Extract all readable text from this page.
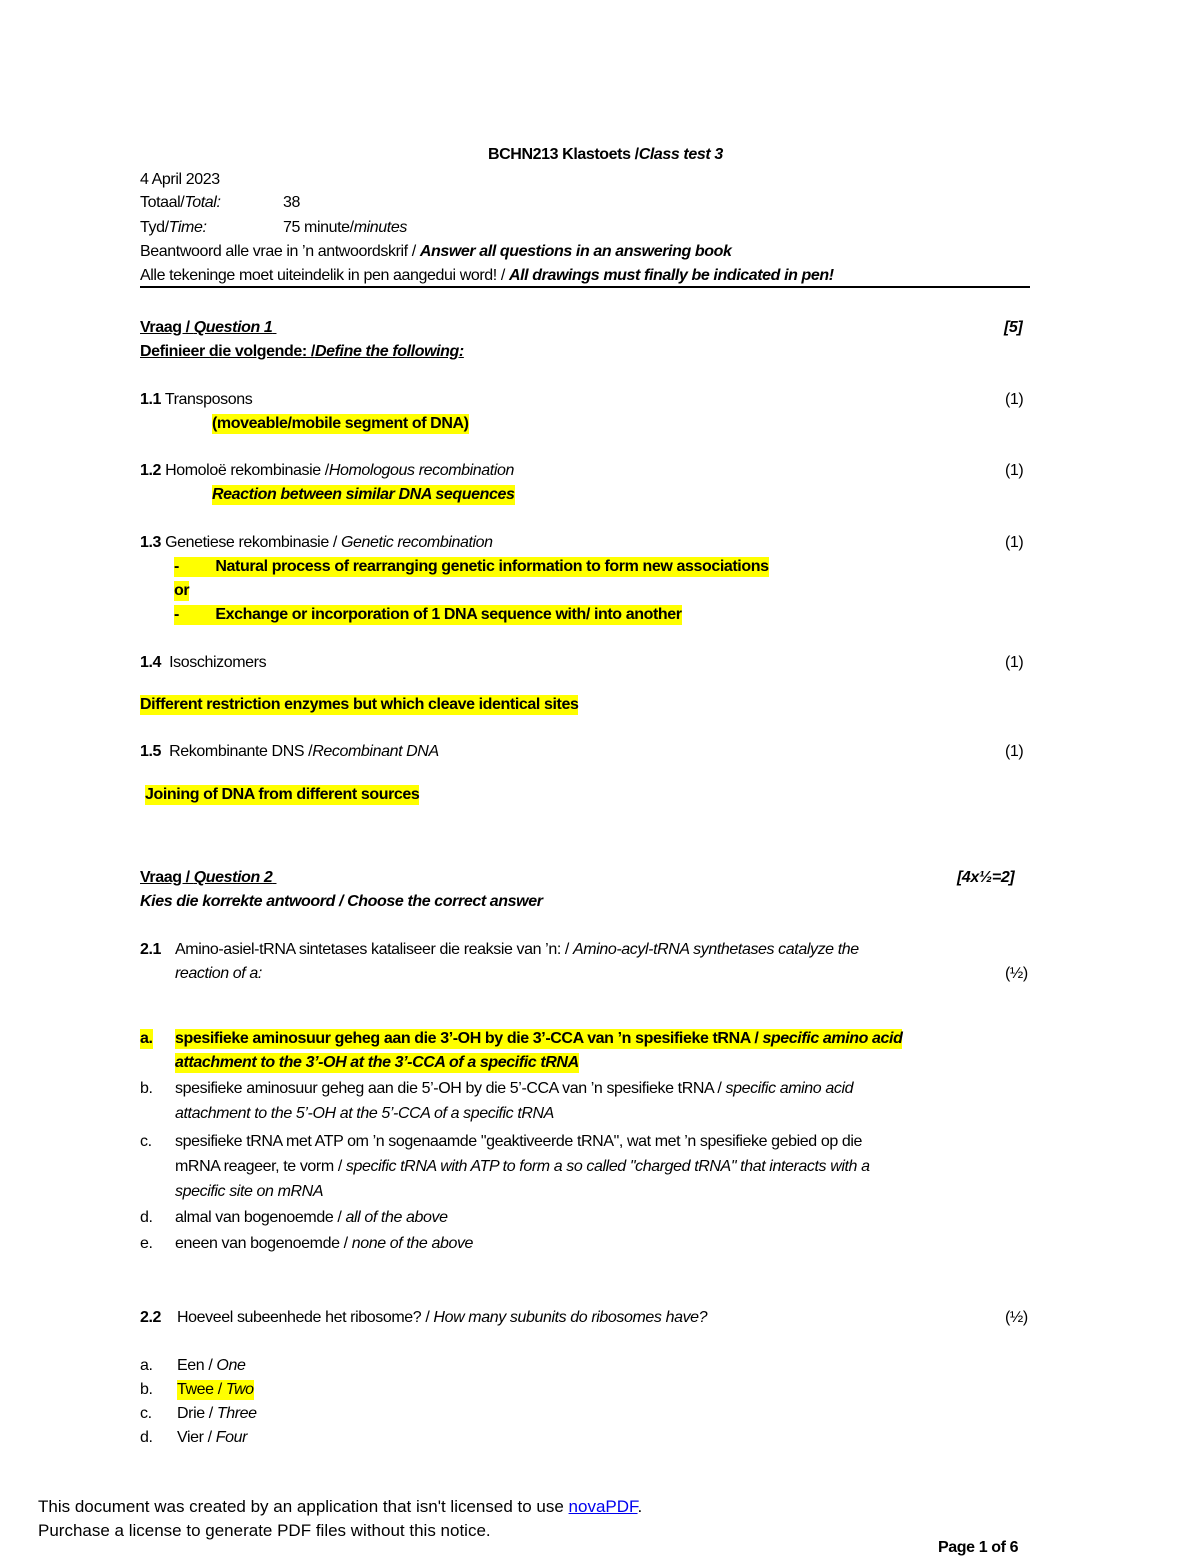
BCHN213 Klastoets /Class test 3
4 April 2023
Totaal/Total:	38
Tyd/Time:	75 minute/minutes
Beantwoord alle vrae in ’n antwoordskrif / Answer all questions in an answering book
Alle tekeninge moet uiteindelik in pen aangedui word! / All drawings must finally be indicated in pen!
Vraag / Question 1	[5]
Definieer die volgende: /Define the following:
1.1 Transposons	(1)
(moveable/mobile segment of DNA)
1.2 Homoloë rekombinasie /Homologous recombination	(1)
Reaction between similar DNA sequences
1.3 Genetiese rekombinasie / Genetic recombination	(1)
- Natural process of rearranging genetic information to form new associations
or
- Exchange or incorporation of 1 DNA sequence with/ into another
1.4 Isoschizomers	(1)
Different restriction enzymes but which cleave identical sites
1.5 Rekombinante DNS /Recombinant DNA	(1)
Joining of DNA from different sources
Vraag / Question 2	[4x½=2]
Kies die korrekte antwoord / Choose the correct answer
2.1 Amino-asiel-tRNA sintetases kataliseer die reaksie van ’n: / Amino-acyl-tRNA synthetases catalyze the
reaction of a:	(½)
a. spesifieke aminosuur geheg aan die 3’-OH by die 3’-CCA van ’n spesifieke tRNA / specific amino acid
attachment to the 3’-OH at the 3’-CCA of a specific tRNA
b. spesifieke aminosuur geheg aan die 5’-OH by die 5’-CCA van ’n spesifieke tRNA / specific amino acid
attachment to the 5’-OH at the 5’-CCA of a specific tRNA
c. spesifieke tRNA met ATP om ’n sogenaamde "geaktiveerde tRNA", wat met ’n spesifieke gebied op die
mRNA reageer, te vorm / specific tRNA with ATP to form a so called "charged tRNA" that interacts with a
specific site on mRNA
d. almal van bogenoemde / all of the above
e. eneen van bogenoemde / none of the above
2.2 Hoeveel subeenhede het ribosome? / How many subunits do ribosomes have?	(½)
a. Een / One
b. Twee / Two
c. Drie / Three
d. Vier / Four
This document was created by an application that isn't licensed to use novaPDF.
Purchase a license to generate PDF files without this notice.
Page 1 of 6
